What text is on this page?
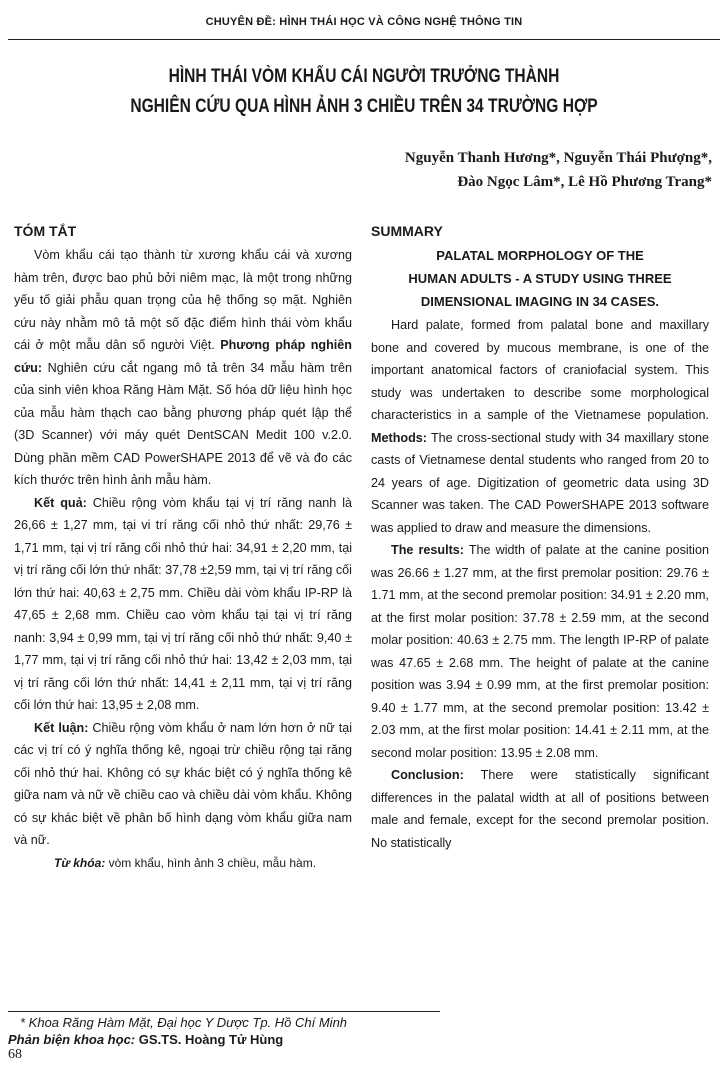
CHUYÊN ĐỀ: HÌNH THÁI HỌC VÀ CÔNG NGHỆ THÔNG TIN
HÌNH THÁI VÒM KHẨU CÁI NGƯỜI TRƯỞNG THÀNH
NGHIÊN CỨU QUA HÌNH ẢNH 3 CHIỀU TRÊN 34 TRƯỜNG HỢP
Nguyễn Thanh Hương*, Nguyễn Thái Phượng*,
Đào Ngọc Lâm*, Lê Hồ Phương Trang*
TÓM TẮT

Vòm khẩu cái tạo thành từ xương khẩu cái và xương hàm trên, được bao phủ bởi niêm mạc, là một trong những yếu tố giải phẫu quan trọng của hệ thống sọ mặt. Nghiên cứu này nhằm mô tả một số đặc điểm hình thái vòm khẩu cái ở một mẫu dân số người Việt. Phương pháp nghiên cứu: Nghiên cứu cắt ngang mô tả trên 34 mẫu hàm trên của sinh viên khoa Răng Hàm Mặt. Số hóa dữ liệu hình học của mẫu hàm thạch cao bằng phương pháp quét lập thể (3D Scanner) với máy quét DentSCAN Medit 100 v.2.0. Dùng phần mềm CAD PowerSHAPE 2013 để vẽ và đo các kích thước trên hình ảnh mẫu hàm.

Kết quả: Chiều rộng vòm khẩu tại vị trí răng nanh là 26,66 ± 1,27 mm, tại vi trí răng cối nhỏ thứ nhất: 29,76 ± 1,71 mm, tại vị trí răng cối nhỏ thứ hai: 34,91 ± 2,20 mm, tại vị trí răng cối lớn thứ nhất: 37,78 ±2,59 mm, tại vị trí răng cối lớn thứ hai: 40,63 ± 2,75 mm. Chiều dài vòm khẩu IP-RP là 47,65 ± 2,68 mm. Chiều cao vòm khẩu tại tại vị trí răng nanh: 3,94 ± 0,99 mm, tại vị trí răng cối nhỏ thứ nhất: 9,40 ± 1,77 mm, tại vị trí răng cối nhỏ thứ hai: 13,42 ± 2,03 mm, tại vị trí răng cối lớn thứ nhất: 14,41 ± 2,11 mm, tại vị trí răng cối lớn thứ hai: 13,95 ± 2,08 mm.

Kết luận: Chiều rộng vòm khẩu ở nam lớn hơn ở nữ tại các vị trí có ý nghĩa thống kê, ngoại trừ chiều rộng tại răng cối nhỏ thứ hai. Không có sự khác biệt có ý nghĩa thống kê giữa nam và nữ về chiều cao và chiều dài vòm khẩu. Không có sự khác biệt về phân bố hình dạng vòm khẩu giữa nam và nữ.

Từ khóa: vòm khẩu, hình ảnh 3 chiều, mẫu hàm.

SUMMARY
PALATAL MORPHOLOGY OF THE
HUMAN ADULTS - A STUDY USING THREE
DIMENSIONAL IMAGING IN 34 CASES.

Hard palate, formed from palatal bone and maxillary bone and covered by mucous membrane, is one of the important anatomical factors of craniofacial system. This study was undertaken to describe some morphological characteristics in a sample of the Vietnamese population. Methods: The cross-sectional study with 34 maxillary stone casts of Vietnamese dental students who ranged from 20 to 24 years of age. Digitization of geometric data using 3D Scanner was taken. The CAD PowerSHAPE 2013 software was applied to draw and measure the dimensions.

The results: The width of palate at the canine position was 26.66 ± 1.27 mm, at the first premolar position: 29.76 ± 1.71 mm, at the second premolar position: 34.91 ± 2.20 mm, at the first molar position: 37.78 ± 2.59 mm, at the second molar position: 40.63 ± 2.75 mm. The length IP-RP of palate was 47.65 ± 2.68 mm. The height of palate at the canine position was 3.94 ± 0.99 mm, at the first premolar position: 9.40 ± 1.77 mm, at the second premolar position: 13.42 ± 2.03 mm, at the first molar position: 14.41 ± 2.11 mm, at the second molar position: 13.95 ± 2.08 mm.

Conclusion: There were statistically significant differences in the palatal width at all of positions between male and female, except for the second premolar position. No statistically

* Khoa Răng Hàm Mặt, Đại học Y Dược Tp. Hồ Chí Minh
Phản biện khoa học: GS.TS. Hoàng Tử Hùng
68
